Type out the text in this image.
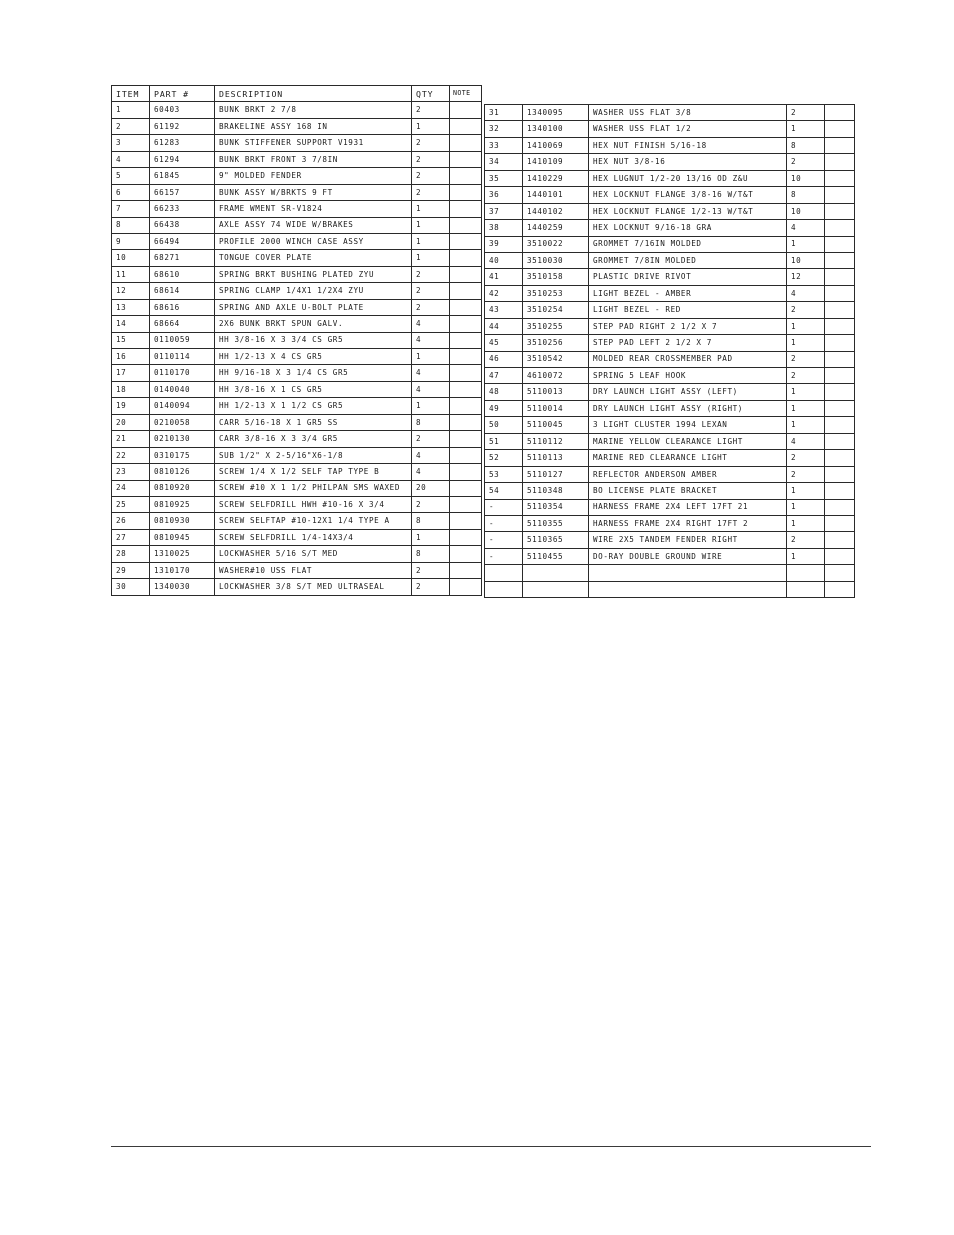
ITEM	PART #	DESCRIPTION	QTY	NOTE
1	60403	BUNK BRKT 2 7/8	2	
2	61192	BRAKELINE ASSY 168 IN	1	
3	61283	BUNK STIFFENER SUPPORT V1931	2	
4	61294	BUNK BRKT FRONT 3 7/8IN	2	
5	61845	9" MOLDED FENDER	2	
6	66157	BUNK ASSY W/BRKTS 9 FT	2	
7	66233	FRAME WMENT SR-V1824	1	
8	66438	AXLE ASSY 74 WIDE W/BRAKES	1	
9	66494	PROFILE 2000 WINCH CASE ASSY	1	
10	68271	TONGUE COVER PLATE	1	
11	68610	SPRING BRKT BUSHING PLATED ZYU	2	
12	68614	SPRING CLAMP 1/4X1 1/2X4 ZYU	2	
13	68616	SPRING AND AXLE U-BOLT PLATE	2	
14	68664	2X6 BUNK BRKT SPUN GALV.	4	
15	0110059	HH 3/8-16 X 3 3/4 CS GR5	4	
16	0110114	HH 1/2-13 X 4 CS GR5	1	
17	0110170	HH 9/16-18 X 3 1/4 CS GR5	4	
18	0140040	HH 3/8-16 X 1 CS GR5	4	
19	0140094	HH 1/2-13 X 1 1/2 CS GR5	1	
20	0210058	CARR 5/16-18 X 1 GR5 SS	8	
21	0210130	CARR 3/8-16 X 3 3/4 GR5	2	
22	0310175	SUB 1/2" X 2-5/16"X6-1/8	4	
23	0810126	SCREW 1/4 X 1/2 SELF TAP TYPE B	4	
24	0810920	SCREW #10 X 1 1/2 PHILPAN SMS WAXED	20	
25	0810925	SCREW SELFDRILL HWH #10-16 X 3/4	2	
26	0810930	SCREW SELFTAP #10-12X1 1/4 TYPE A	8	
27	0810945	SCREW SELFDRILL 1/4-14X3/4	1	
28	1310025	LOCKWASHER 5/16 S/T MED	8	
29	1310170	WASHER#10 USS FLAT	2	
30	1340030	LOCKWASHER 3/8 S/T MED ULTRASEAL	2	
31	1340095	WASHER USS FLAT 3/8	2	
32	1340100	WASHER USS FLAT 1/2	1	
33	1410069	HEX NUT FINISH 5/16-18	8	
34	1410109	HEX NUT 3/8-16	2	
35	1410229	HEX LUGNUT 1/2-20 13/16 OD Z&U	10	
36	1440101	HEX LOCKNUT FLANGE 3/8-16 W/T&T	8	
37	1440102	HEX LOCKNUT FLANGE 1/2-13 W/T&T	10	
38	1440259	HEX LOCKNUT 9/16-18 GRA	4	
39	3510022	GROMMET 7/16IN MOLDED	1	
40	3510030	GROMMET 7/8IN MOLDED	10	
41	3510158	PLASTIC DRIVE RIVOT	12	
42	3510253	LIGHT BEZEL - AMBER	4	
43	3510254	LIGHT BEZEL - RED	2	
44	3510255	STEP PAD RIGHT 2 1/2 X 7	1	
45	3510256	STEP PAD LEFT 2 1/2 X 7	1	
46	3510542	MOLDED REAR CROSSMEMBER PAD	2	
47	4610072	SPRING 5 LEAF HOOK	2	
48	5110013	DRY LAUNCH LIGHT ASSY (LEFT)	1	
49	5110014	DRY LAUNCH LIGHT ASSY (RIGHT)	1	
50	5110045	3 LIGHT CLUSTER 1994 LEXAN	1	
51	5110112	MARINE YELLOW CLEARANCE LIGHT	4	
52	5110113	MARINE RED CLEARANCE LIGHT	2	
53	5110127	REFLECTOR ANDERSON AMBER	2	
54	5110348	BO LICENSE PLATE BRACKET	1	
-	5110354	HARNESS FRAME 2X4 LEFT 17FT 21	1	
-	5110355	HARNESS FRAME 2X4 RIGHT 17FT 2	1	
-	5110365	WIRE 2X5 TANDEM FENDER RIGHT	2	
-	5110455	DO-RAY DOUBLE GROUND WIRE	1	
